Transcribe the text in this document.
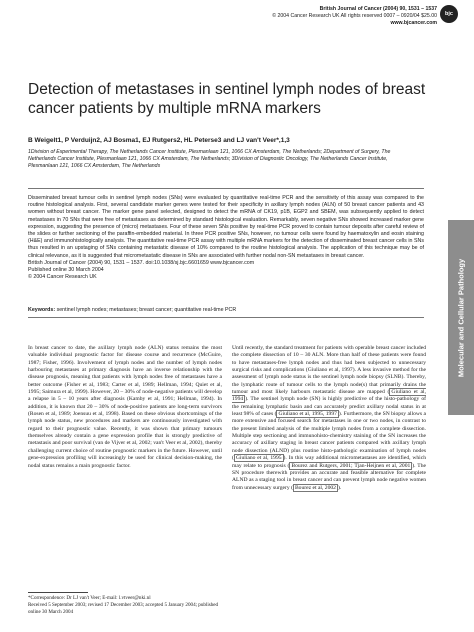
British Journal of Cancer (2004) 90, 1531 – 1537
© 2004 Cancer Research UK All rights reserved 0007 – 0920/04 $25.00
www.bjcancer.com
bjc
Detection of metastases in sentinel lymph nodes of breast cancer patients by multiple mRNA markers
B Weigelt1, P Verduijn2, AJ Bosma1, EJ Rutgers2, HL Peterse3 and LJ van't Veer*,1,3
1Division of Experimental Therapy, The Netherlands Cancer Institute, Plesmanlaan 121, 1066 CX Amsterdam, The Netherlands; 2Department of Surgery, The Netherlands Cancer Institute, Plesmanlaan 121, 1066 CX Amsterdam, The Netherlands; 3Division of Diagnostic Oncology, The Netherlands Cancer Institute, Plesmanlaan 121, 1066 CX Amsterdam, The Netherlands
Disseminated breast tumour cells in sentinel lymph nodes (SNs) were evaluated by quantitative real-time PCR and the sensitivity of this assay was compared to the routine histological analysis. First, several candidate marker genes were tested for their specificity in axillary lymph nodes (ALN) of 50 breast cancer patients and 43 women without breast cancer. The marker gene panel selected, designed to detect the mRNA of CK19, p1B, EGP2 and SBEM, was subsequently applied to detect metastases in 70 SNs that were free of metastases as determined by standard histological evaluation. Remarkably, seven negative SNs showed increased marker gene expression, suggesting the presence of (micro) metastases. Four of these seven SNs positive by real-time PCR proved to contain tumour deposits after careful review of the slides or further sectioning of the paraffin-embedded material. In three PCR positive SNs, however, no tumour cells were found by haematoxylin and eosin staining (H&E) and immunohistologically analysis. The quantitative real-time PCR assay with multiple mRNA markers for the detection of disseminated breast cancer cells in SNs thus resulted in an upstaging of SNs containing metastatic disease of 10% compared to the routine histological analysis. The application of this technique may be of clinical relevance, as it is suggested that micrometastatic disease in SNs are associated with further nodal non-SN metastases in breast cancer.
British Journal of Cancer (2004) 90, 1531 – 1537. doi:10.1038/sj.bjc.6601659 www.bjcancer.com
Published online 30 March 2004
© 2004 Cancer Research UK
Keywords: sentinel lymph nodes; metastases; breast cancer; quantitative real-time PCR	Molecular and Cellular Pathology
In breast cancer to date, the axillary lymph node (ALN) status remains the most valuable individual prognostic factor for disease course and recurrence (McGuire, 1987; Fisher, 1996). Involvement of lymph nodes and the number of lymph nodes harbouring metastases at primary diagnosis have an inverse relationship with the disease prognosis, meaning that patients with lymph nodes free of metastases have a better outcome (Fisher et al, 1983; Carter et al, 1989; Hellman, 1994; Quiet et al, 1995; Saimura et al, 1999). However, 20 – 30% of node-negative patients will develop a relapse in 5 – 10 years after diagnosis (Kamby et al, 1991; Hellman, 1994). In addition, it is known that 20 – 30% of node-positive patients are long-term survivors (Rosen et al, 1989; Joensuu et al, 1998). Based on these obvious shortcomings of the lymph node status, new procedures and markers are continuously investigated with regard to their prognostic value. Recently, it was shown that primary tumours themselves already contain a gene expression profile that is strongly predictive of metastasis and poor survival (van de Vijver et al, 2002; van't Veer et al, 2002), thereby challenging current choice of routine prognostic markers in the future. However, until gene-expression profiling will increasingly be used for clinical decision-making, the nodal status remains a main prognostic factor.
Until recently, the standard treatment for patients with operable breast cancer included the complete dissection of 10 – 30 ALN. More than half of these patients were found to have metastases-free lymph nodes and thus had been subjected to unnecessary surgical risks and complications (Giuliano et al, 1997). A less invasive method for the assessment of lymph node status is the sentinel lymph node biopsy (SLNB). Thereby, the lymphatic route of tumour cells to the lymph node(s) that primarily drains the tumour and most likely harbours metastatic disease are mapped ( Giuliano et al, 1994 ). The sentinel lymph node (SN) is highly predictive of the histo-pathology of the remaining lymphatic basin and can accurately predict axillary nodal status in at least 98% of cases ( Giuliano et al, 1995, 1997 ). Furthermore, the SN biopsy allows a more extensive and focused search for metastases in one or two nodes, in contrast to the present limited analysis of the multiple lymph nodes from a complete dissection. Multiple step sectioning and immunohisto-chemistry staining of the SN increases the accuracy of axillary staging in breast cancer patients compared with axillary lymph node dissection (ALND) plus routine histo-pathologic examination of lymph nodes ( Giuliano et al, 1995 ). In this way additional micrometastases are identified, which may relate to prognosis ( Bourez and Rutgers, 2001; Tjan-Heijnen et al, 2001 ). The SN procedure therewith provides an accurate and feasible alternative for complete ALND as a staging tool in breast cancer and can prevent lymph node negative women from unnecessary surgery ( Bourez et al, 2002 ).
*Correspondence: Dr LJ van't Veer; E-mail: l.vtveer@nki.nl
Received 5 September 2003; revised 17 December 2003; accepted 5 January 2004; published online 30 March 2004
